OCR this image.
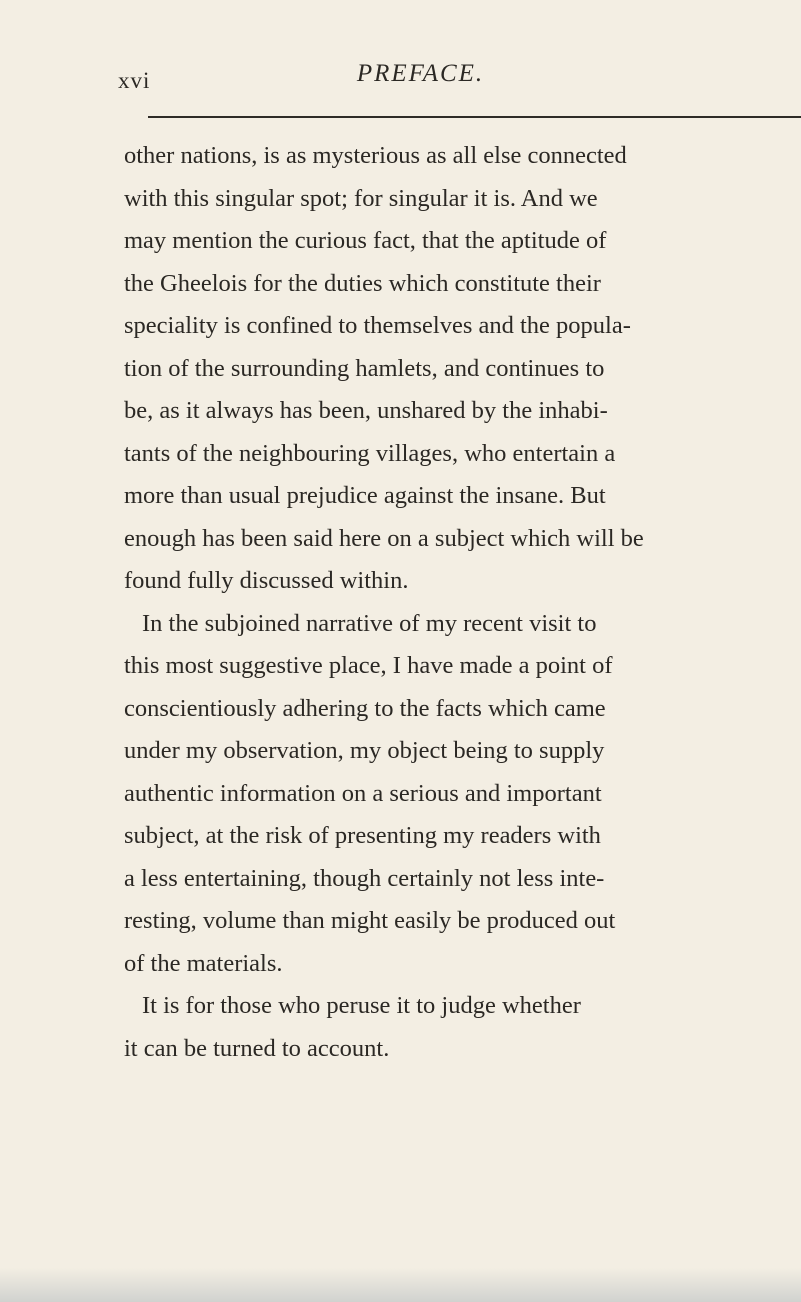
xvi	PREFACE.

other nations, is as mysterious as all else connected
with this singular spot; for singular it is. And we
may mention the curious fact, that the aptitude of
the Gheelois for the duties which constitute their
speciality is confined to themselves and the popula-
tion of the surrounding hamlets, and continues to
be, as it always has been, unshared by the inhabi-
tants of the neighbouring villages, who entertain a
more than usual prejudice against the insane. But
enough has been said here on a subject which will be
found fully discussed within.
In the subjoined narrative of my recent visit to
this most suggestive place, I have made a point of
conscientiously adhering to the facts which came
under my observation, my object being to supply
authentic information on a serious and important
subject, at the risk of presenting my readers with
a less entertaining, though certainly not less inte-
resting, volume than might easily be produced out
of the materials.
It is for those who peruse it to judge whether
it can be turned to account.
